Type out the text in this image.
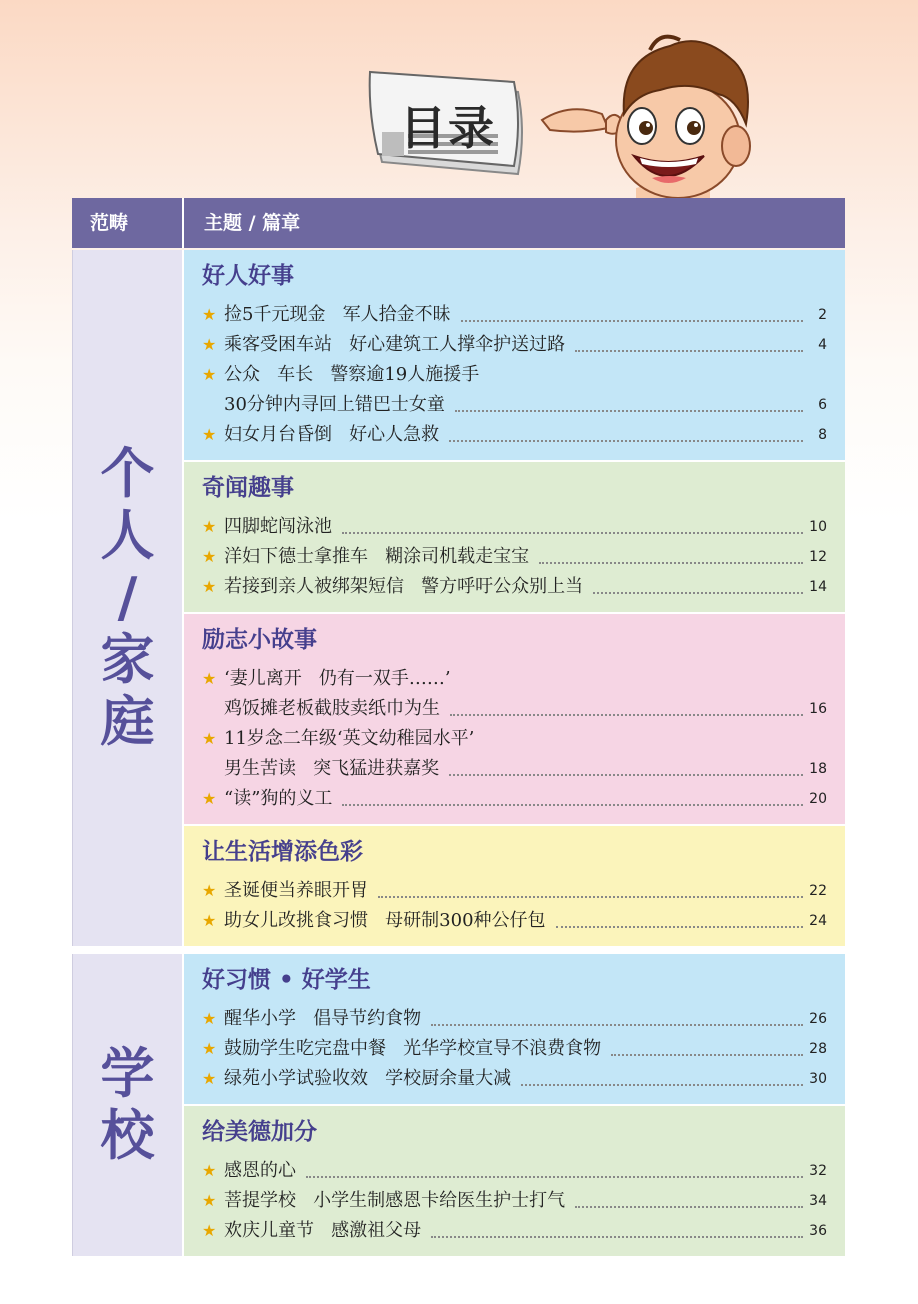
目录
范畴	主题 / 篇章
个
人
/
家
庭
好人好事
★ 捡5千元现金   军人拾金不昧	2
★ 乘客受困车站   好心建筑工人撑伞护送过路	4
★ 公众   车长   警察逾19人施援手
30分钟内寻回上错巴士女童	6
★ 妇女月台昏倒   好心人急救	8
奇闻趣事
★ 四脚蛇闯泳池	10
★ 洋妇下德士拿推车   糊涂司机载走宝宝	12
★ 若接到亲人被绑架短信   警方呼吁公众别上当	14
励志小故事
★ ‘妻儿离开   仍有一双手……’
鸡饭摊老板截肢卖纸巾为生	16
★ 11岁念二年级‘英文幼稚园水平’
男生苦读   突飞猛进获嘉奖	18
★ “读”狗的义工	20
让生活增添色彩
★ 圣诞便当养眼开胃	22
★ 助女儿改挑食习惯   母研制300种公仔包	24
学
校
好习惯 • 好学生
★ 醒华小学   倡导节约食物	26
★ 鼓励学生吃完盘中餐   光华学校宣导不浪费食物	28
★ 绿苑小学试验收效   学校厨余量大减	30
给美德加分
★ 感恩的心	32
★ 菩提学校   小学生制感恩卡给医生护士打气	34
★ 欢庆儿童节   感激祖父母	36
